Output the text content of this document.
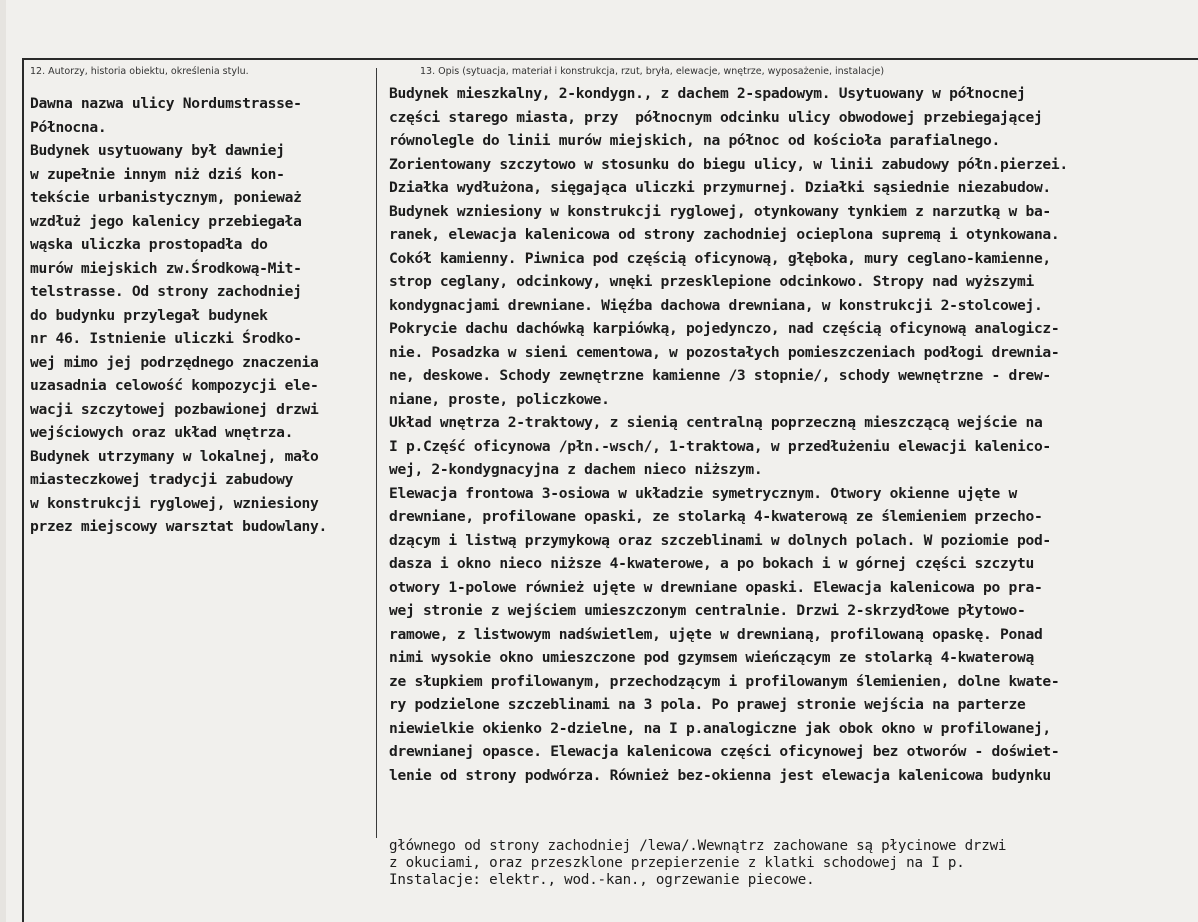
12. Autorzy, historia obiektu, określenia stylu.	13. Opis (sytuacja, materiał i konstrukcja, rzut, bryła, elewacje, wnętrze, wyposażenie, instalacje)
Dawna nazwa ulicy Nordumstrasse-
Północna.
Budynek usytuowany był dawniej
w zupełnie innym niż dziś kon-
tekście urbanistycznym, ponieważ
wzdłuż jego kalenicy przebiegała
wąska uliczka prostopadła do
murów miejskich zw.Środkową-Mit-
telstrasse. Od strony zachodniej
do budynku przylegał budynek
nr 46. Istnienie uliczki Środko-
wej mimo jej podrzędnego znaczenia
uzasadnia celowość kompozycji ele-
wacji szczytowej pozbawionej drzwi
wejściowych oraz układ wnętrza.
Budynek utrzymany w lokalnej, mało
miasteczkowej tradycji zabudowy
w konstrukcji ryglowej, wzniesiony
przez miejscowy warsztat budowlany.
Budynek mieszkalny, 2-kondygn., z dachem 2-spadowym. Usytuowany w północnej
części starego miasta, przy  północnym odcinku ulicy obwodowej przebiegającej
równolegle do linii murów miejskich, na północ od kościoła parafialnego.
Zorientowany szczytowo w stosunku do biegu ulicy, w linii zabudowy półn.pierzei.
Działka wydłużona, sięgająca uliczki przymurnej. Działki sąsiednie niezabudow.
Budynek wzniesiony w konstrukcji ryglowej, otynkowany tynkiem z narzutką w ba-
ranek, elewacja kalenicowa od strony zachodniej ocieplona supremą i otynkowana.
Cokół kamienny. Piwnica pod częścią oficynową, głęboka, mury ceglano-kamienne,
strop ceglany, odcinkowy, wnęki przesklepione odcinkowo. Stropy nad wyższymi
kondygnacjami drewniane. Więźba dachowa drewniana, w konstrukcji 2-stolcowej.
Pokrycie dachu dachówką karpiówką, pojedynczo, nad częścią oficynową analogicz-
nie. Posadzka w sieni cementowa, w pozostałych pomieszczeniach podłogi drewnia-
ne, deskowe. Schody zewnętrzne kamienne /3 stopnie/, schody wewnętrzne - drew-
niane, proste, policzkowe.
Układ wnętrza 2-traktowy, z sienią centralną poprzeczną mieszczącą wejście na
I p.Część oficynowa /płn.-wsch/, 1-traktowa, w przedłużeniu elewacji kalenico-
wej, 2-kondygnacyjna z dachem nieco niższym.
Elewacja frontowa 3-osiowa w układzie symetrycznym. Otwory okienne ujęte w
drewniane, profilowane opaski, ze stolarką 4-kwaterową ze ślemieniem przecho-
dzącym i listwą przymykową oraz szczeblinami w dolnych polach. W poziomie pod-
dasza i okno nieco niższe 4-kwaterowe, a po bokach i w górnej części szczytu
otwory 1-polowe również ujęte w drewniane opaski. Elewacja kalenicowa po pra-
wej stronie z wejściem umieszczonym centralnie. Drzwi 2-skrzydłowe płytowo-
ramowe, z listwowym nadświetlem, ujęte w drewnianą, profilowaną opaskę. Ponad
nimi wysokie okno umieszczone pod gzymsem wieńczącym ze stolarką 4-kwaterową
ze słupkiem profilowanym, przechodzącym i profilowanym ślemienien, dolne kwate-
ry podzielone szczeblinami na 3 pola. Po prawej stronie wejścia na parterze
niewielkie okienko 2-dzielne, na I p.analogiczne jak obok okno w profilowanej,
drewnianej opasce. Elewacja kalenicowa części oficynowej bez otworów - doświet-
lenie od strony podwórza. Również bez-okienna jest elewacja kalenicowa budynku
głównego od strony zachodniej /lewa/.Wewnątrz zachowane są płycinowe drzwi
z okuciami, oraz przeszklone przepierzenie z klatki schodowej na I p.
Instalacje: elektr., wod.-kan., ogrzewanie piecowe.
